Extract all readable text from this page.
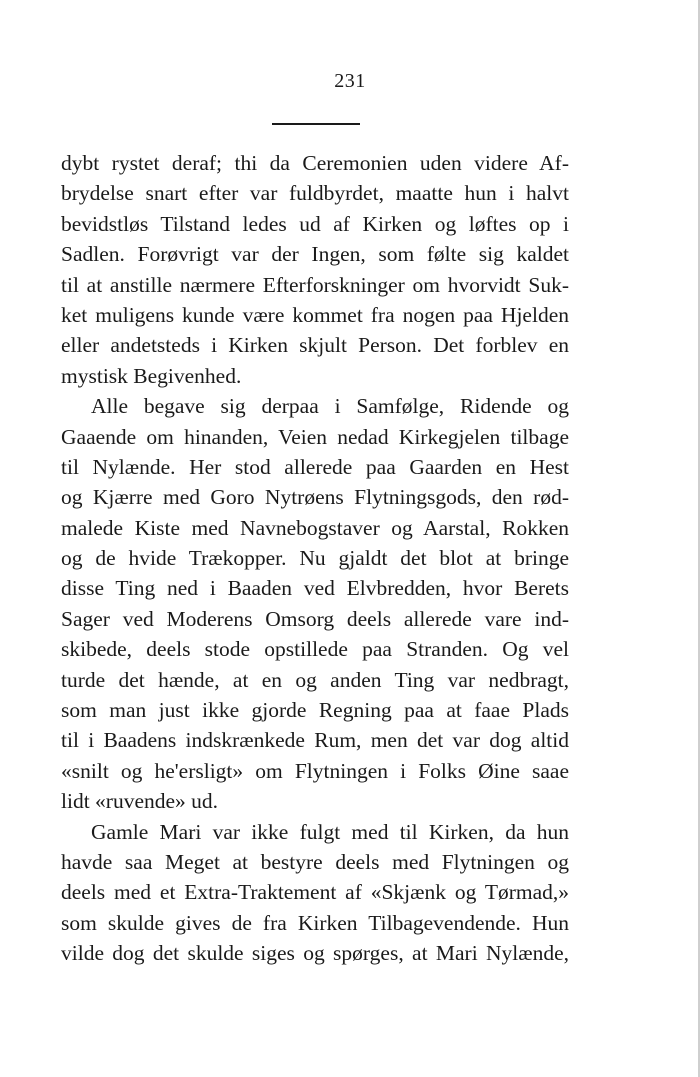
231
dybt rystet deraf; thi da Ceremonien uden videre Af-
brydelse snart efter var fuldbyrdet, maatte hun i halvt
bevidstløs Tilstand ledes ud af Kirken og løftes op i
Sadlen. Forøvrigt var der Ingen, som følte sig kaldet
til at anstille nærmere Efterforskninger om hvorvidt Suk-
ket muligens kunde være kommet fra nogen paa Hjelden
eller andetsteds i Kirken skjult Person. Det forblev en
mystisk Begivenhed.
Alle begave sig derpaa i Samfølge, Ridende og
Gaaende om hinanden, Veien nedad Kirkegjelen tilbage
til Nylænde. Her stod allerede paa Gaarden en Hest
og Kjærre med Goro Nytrøens Flytningsgods, den rød-
malede Kiste med Navnebogstaver og Aarstal, Rokken
og de hvide Trækopper. Nu gjaldt det blot at bringe
disse Ting ned i Baaden ved Elvbredden, hvor Berets
Sager ved Moderens Omsorg deels allerede vare ind-
skibede, deels stode opstillede paa Stranden. Og vel
turde det hænde, at en og anden Ting var nedbragt,
som man just ikke gjorde Regning paa at faae Plads
til i Baadens indskrænkede Rum, men det var dog altid
«snilt og he'ersligt» om Flytningen i Folks Øine saae
lidt «ruvende» ud.
Gamle Mari var ikke fulgt med til Kirken, da hun
havde saa Meget at bestyre deels med Flytningen og
deels med et Extra-Traktement af «Skjænk og Tørmad,»
som skulde gives de fra Kirken Tilbagevendende. Hun
vilde dog det skulde siges og spørges, at Mari Nylænde,
